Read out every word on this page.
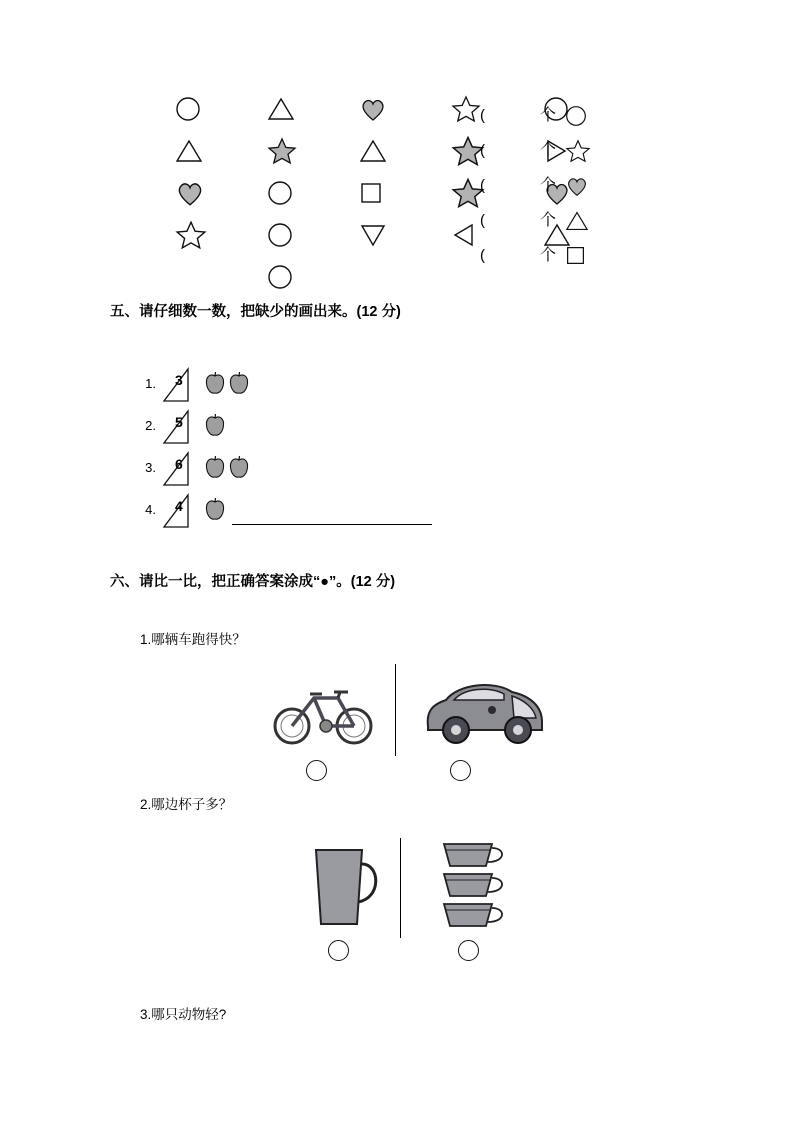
(
(
(
(
(
个
个
个
个
个
五、请仔细数一数，把缺少的画出来。(12 分)
1. 3
2. 5
3. 6
4. 4
六、请比一比，把正确答案涂成“●”。(12 分)
1.哪辆车跑得快？
2.哪边杯子多？
3.哪只动物轻?
